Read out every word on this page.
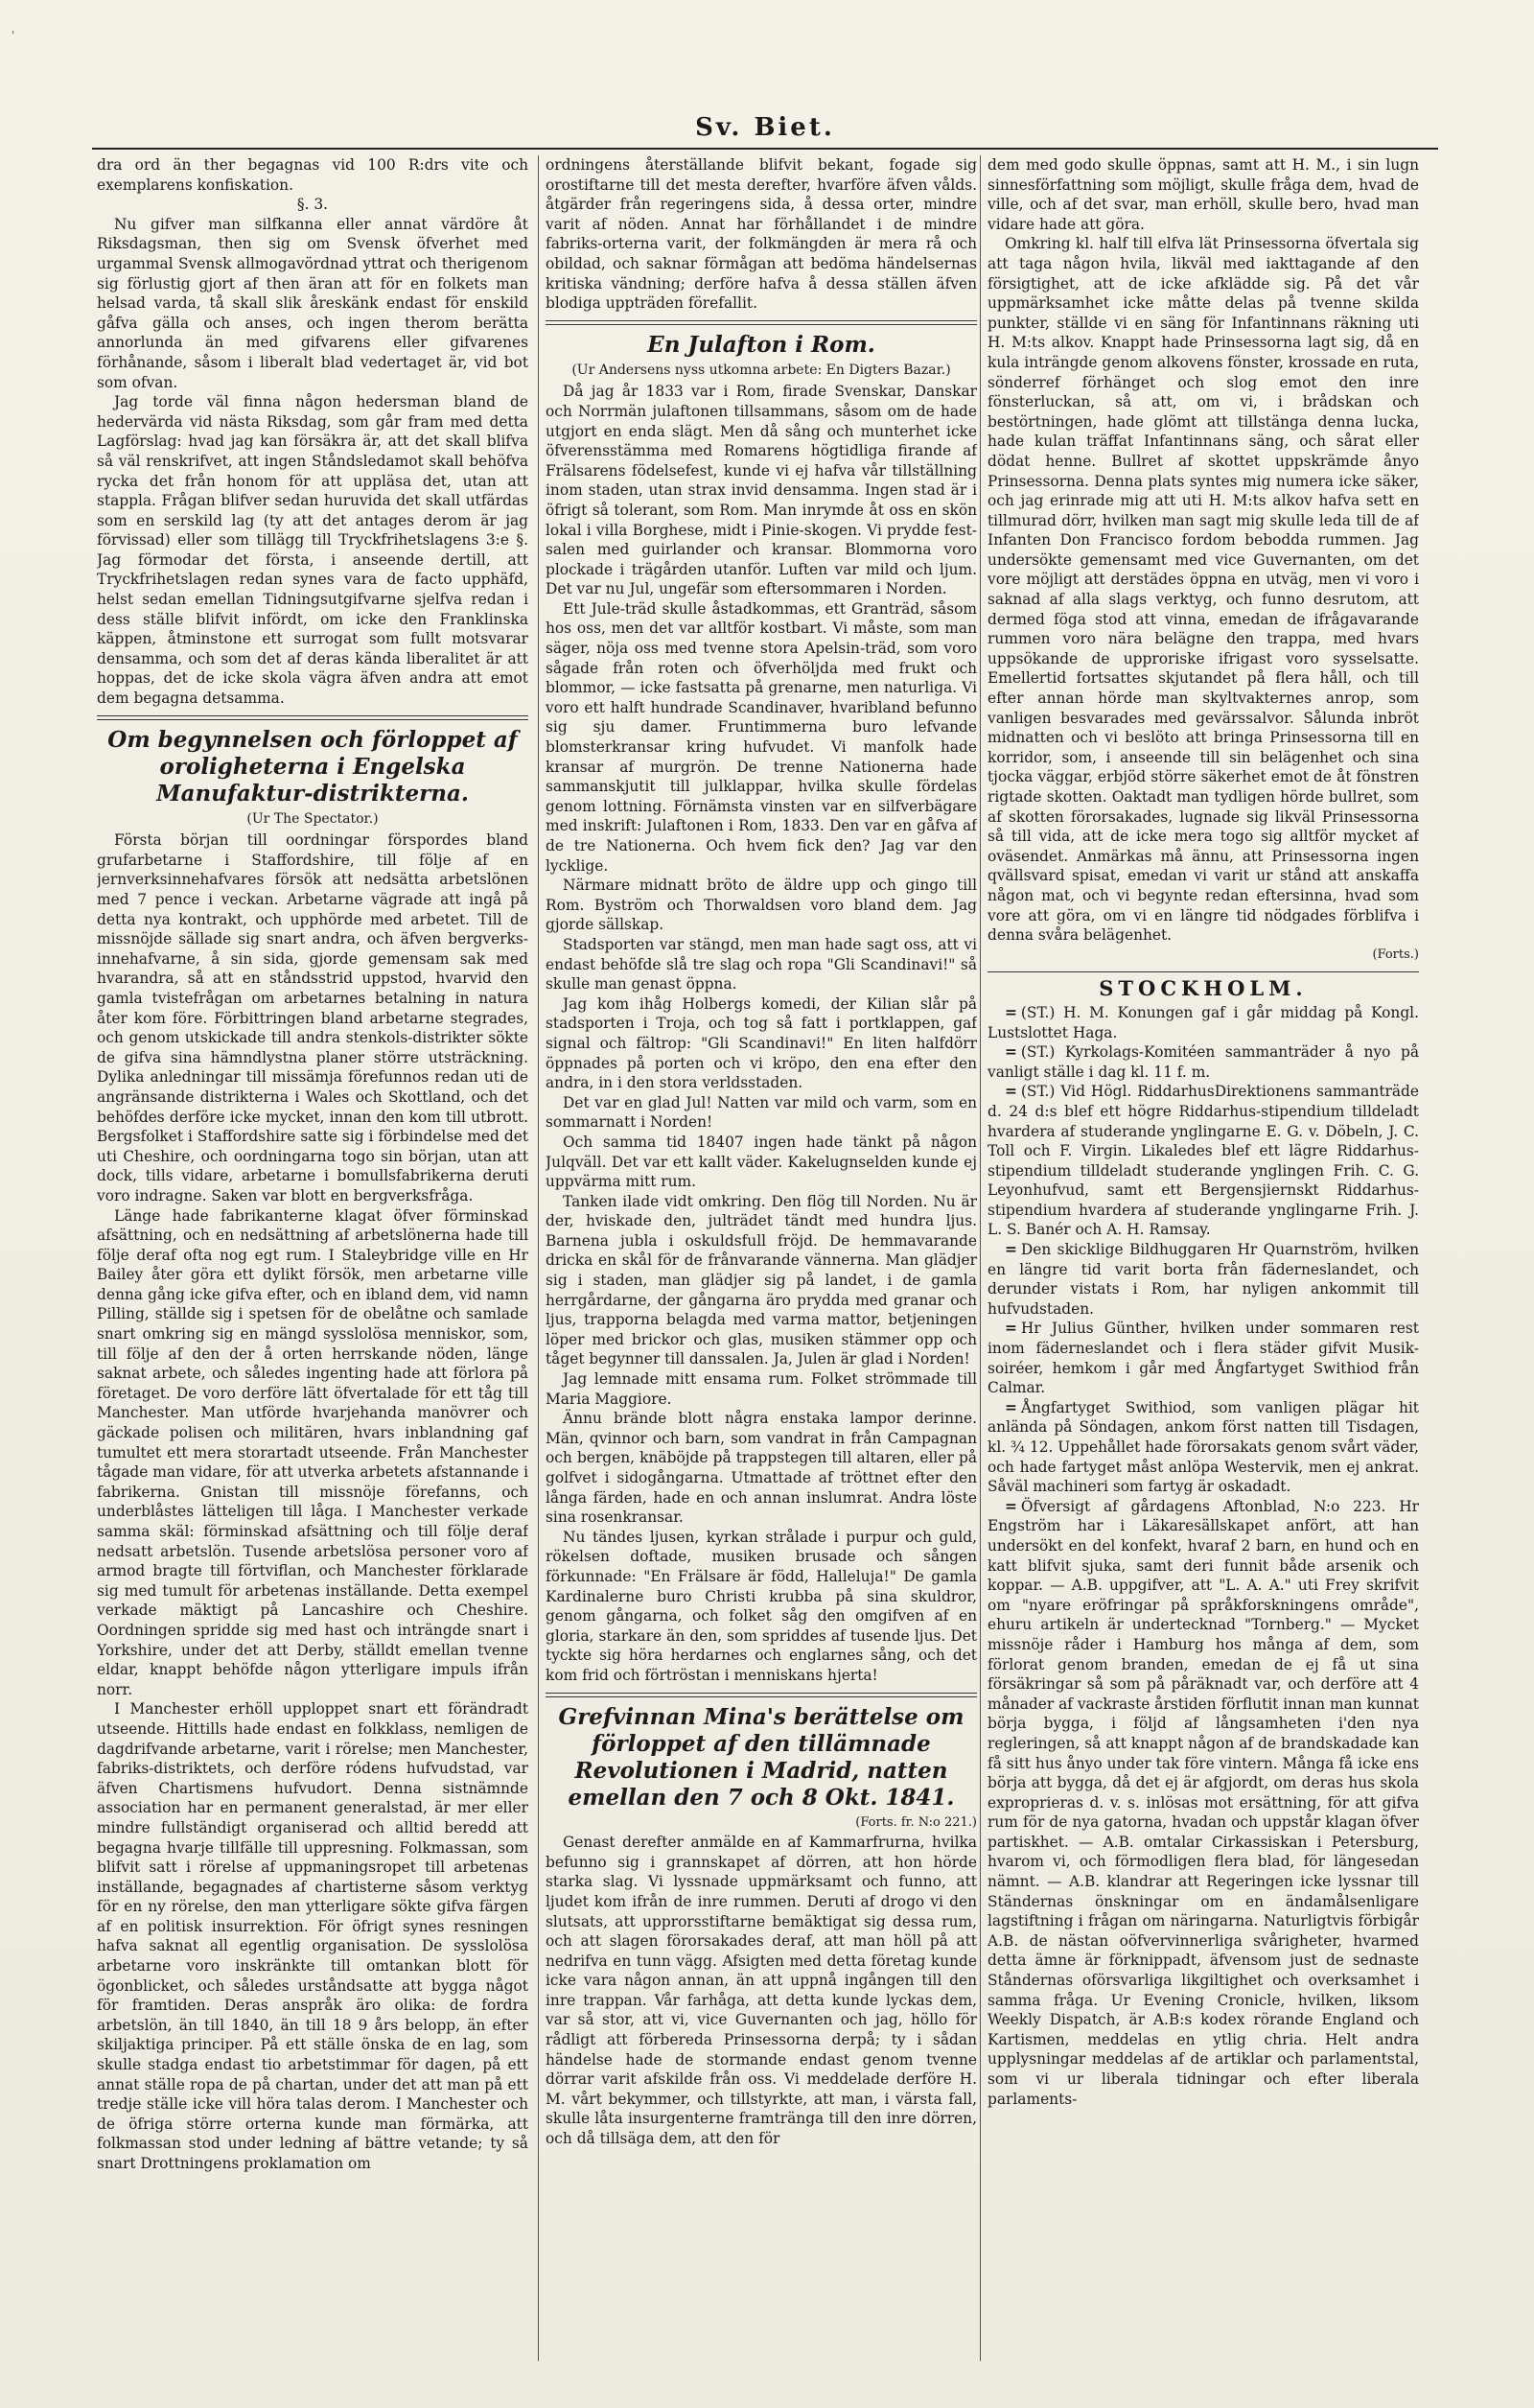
'
Sv. Biet.

dra ord än ther begagnas vid 100 R:drs vite och exemplarens konfiskation.

§. 3.

Nu gifver man silfkanna eller annat värdöre åt Riksdagsman, then sig om Svensk öfverhet med urgammal Svensk allmogavördnad yttrat och therigenom sig förlustig gjort af then äran att för en folkets man helsad varda, tå skall slik åreskänk endast för enskild gåfva gälla och anses, och ingen therom berätta annorlunda än med gifvarens eller gifvarenes förhånande, såsom i liberalt blad vedertaget är, vid bot som ofvan.

Jag torde väl finna någon hedersman bland de hedervärda vid nästa Riksdag, som går fram med detta Lagförslag: hvad jag kan försäkra är, att det skall blifva så väl renskrifvet, att ingen Ståndsledamot skall behöfva rycka det från honom för att uppläsa det, utan att stappla. Frågan blifver sedan huruvida det skall utfärdas som en serskild lag (ty att det antages derom är jag förvissad) eller som tillägg till Tryckfrihetslagens 3:e §. Jag förmodar det första, i anseende dertill, att Tryckfrihetslagen redan synes vara de facto upphäfd, helst sedan emellan Tidningsutgifvarne sjelfva redan i dess ställe blifvit infördt, om icke den Franklinska käppen, åtminstone ett surrogat som fullt motsvarar densamma, och som det af deras kända liberalitet är att hoppas, det de icke skola vägra äfven andra att emot dem begagna detsamma.

Om begynnelsen och förloppet af oroligheterna i Engelska Manufaktur-distrikterna.
(Ur The Spectator.)

Första början till oordningar förspordes bland grufarbetarne i Staffordshire, till följe af en jernverksinnehafvares försök att nedsätta arbetslönen med 7 pence i veckan. Arbetarne vägrade att ingå på detta nya kontrakt, och upphörde med arbetet. Till de missnöjde sällade sig snart andra, och äfven bergverks-innehafvarne, å sin sida, gjorde gemensam sak med hvarandra, så att en ståndsstrid uppstod, hvarvid den gamla tvistefrågan om arbetarnes betalning in natura åter kom före. Förbittringen bland arbetarne stegrades, och genom utskickade till andra stenkols-distrikter sökte de gifva sina hämndlystna planer större utsträckning. Dylika anledningar till missämja förefunnos redan uti de angränsande distrikterna i Wales och Skottland, och det behöfdes derföre icke mycket, innan den kom till utbrott. Bergsfolket i Staffordshire satte sig i förbindelse med det uti Cheshire, och oordningarna togo sin början, utan att dock, tills vidare, arbetarne i bomullsfabrikerna deruti voro indragne. Saken var blott en bergverksfråga.

Länge hade fabrikanterne klagat öfver förminskad afsättning, och en nedsättning af arbetslönerna hade till följe deraf ofta nog egt rum. I Staleybridge ville en Hr Bailey åter göra ett dylikt försök, men arbetarne ville denna gång icke gifva efter, och en ibland dem, vid namn Pilling, ställde sig i spetsen för de obelåtne och samlade snart omkring sig en mängd sysslolösa menniskor, som, till följe af den der å orten herrskande nöden, länge saknat arbete, och således ingenting hade att förlora på företaget. De voro derföre lätt öfvertalade för ett tåg till Manchester. Man utförde hvarjehanda manövrer och gäckade polisen och militären, hvars inblandning gaf tumultet ett mera storartadt utseende. Från Manchester tågade man vidare, för att utverka arbetets afstannande i fabrikerna. Gnistan till missnöje förefanns, och underblåstes lätteligen till låga. I Manchester verkade samma skäl: förminskad afsättning och till följe deraf nedsatt arbetslön. Tusende arbetslösa personer voro af armod bragte till förtviflan, och Manchester förklarade sig med tumult för arbetenas inställande. Detta exempel verkade mäktigt på Lancashire och Cheshire. Oordningen spridde sig med hast och inträngde snart i Yorkshire, under det att Derby, ställdt emellan tvenne eldar, knappt behöfde någon ytterligare impuls ifrån norr.

I Manchester erhöll upploppet snart ett förändradt utseende. Hittills hade endast en folkklass, nemligen de dagdrifvande arbetarne, varit i rörelse; men Manchester, fabriks-distriktets, och derföre ródens hufvudstad, var äfven Chartismens hufvudort. Denna sistnämnde association har en permanent generalstad, är mer eller mindre fullständigt organiserad och alltid beredd att begagna hvarje tillfälle till uppresning. Folkmassan, som blifvit satt i rörelse af uppmaningsropet till arbetenas inställande, begagnades af chartisterne såsom verktyg för en ny rörelse, den man ytterligare sökte gifva färgen af en politisk insurrektion. För öfrigt synes resningen hafva saknat all egentlig organisation. De sysslolösa arbetarne voro inskränkte till omtankan blott för ögonblicket, och således urståndsatte att bygga något för framtiden. Deras anspråk äro olika: de fordra arbetslön, än till 1840, än till 18 9 års belopp, än efter skiljaktiga principer. På ett ställe önska de en lag, som skulle stadga endast tio arbetstimmar för dagen, på ett annat ställe ropa de på chartan, under det att man på ett tredje ställe icke vill höra talas derom. I Manchester och de öfriga större orterna kunde man förmärka, att folkmassan stod under ledning af bättre vetande; ty så snart Drottningens proklamation om

ordningens återställande blifvit bekant, fogade sig orostiftarne till det mesta derefter, hvarföre äfven vålds. åtgärder från regeringens sida, å dessa orter, mindre varit af nöden. Annat har förhållandet i de mindre fabriks-orterna varit, der folkmängden är mera rå och obildad, och saknar förmågan att bedöma händelsernas kritiska vändning; derföre hafva å dessa ställen äfven blodiga uppträden förefallit.

En Julafton i Rom.
(Ur Andersens nyss utkomna arbete: En Digters Bazar.)

Då jag år 1833 var i Rom, firade Svenskar, Danskar och Norrmän julaftonen tillsammans, såsom om de hade utgjort en enda slägt. Men då sång och munterhet icke öfverensstämma med Romarens högtidliga firande af Frälsarens födelsefest, kunde vi ej hafva vår tillställning inom staden, utan strax invid densamma. Ingen stad är i öfrigt så tolerant, som Rom. Man inrymde åt oss en skön lokal i villa Borghese, midt i Pinie-skogen. Vi prydde fest-salen med guirlander och kransar. Blommorna voro plockade i trägården utanför. Luften var mild och ljum. Det var nu Jul, ungefär som eftersommaren i Norden.

Ett Jule-träd skulle åstadkommas, ett Granträd, såsom hos oss, men det var alltför kostbart. Vi måste, som man säger, nöja oss med tvenne stora Apelsin-träd, som voro sågade från roten och öfverhöljda med frukt och blommor, — icke fastsatta på grenarne, men naturliga. Vi voro ett halft hundrade Scandinaver, hvaribland befunno sig sju damer. Fruntimmerna buro lefvande blomsterkransar kring hufvudet. Vi manfolk hade kransar af murgrön. De trenne Nationerna hade sammanskjutit till julklappar, hvilka skulle fördelas genom lottning. Förnämsta vinsten var en silfverbägare med inskrift: Julaftonen i Rom, 1833. Den var en gåfva af de tre Nationerna. Och hvem fick den? Jag var den lycklige.

Närmare midnatt bröto de äldre upp och gingo till Rom. Byström och Thorwaldsen voro bland dem. Jag gjorde sällskap.

Stadsporten var stängd, men man hade sagt oss, att vi endast behöfde slå tre slag och ropa "Gli Scandinavi!" så skulle man genast öppna.

Jag kom ihåg Holbergs komedi, der Kilian slår på stadsporten i Troja, och tog så fatt i portklappen, gaf signal och fältrop: "Gli Scandinavi!" En liten halfdörr öppnades på porten och vi kröpo, den ena efter den andra, in i den stora verldsstaden.

Det var en glad Jul! Natten var mild och varm, som en sommarnatt i Norden!

Och samma tid 18407 ingen hade tänkt på någon Julqväll. Det var ett kallt väder. Kakelugnselden kunde ej uppvärma mitt rum.

Tanken ilade vidt omkring. Den flög till Norden. Nu är der, hviskade den, julträdet tändt med hundra ljus. Barnena jubla i oskuldsfull fröjd. De hemmavarande dricka en skål för de frånvarande vännerna. Man glädjer sig i staden, man glädjer sig på landet, i de gamla herrgårdarne, der gångarna äro prydda med granar och ljus, trapporna belagda med varma mattor, betjeningen löper med brickor och glas, musiken stämmer opp och tåget begynner till danssalen. Ja, Julen är glad i Norden!

Jag lemnade mitt ensama rum. Folket strömmade till Maria Maggiore.

Ännu brände blott några enstaka lampor derinne. Män, qvinnor och barn, som vandrat in från Campagnan och bergen, knäböjde på trappstegen till altaren, eller på golfvet i sidogångarna. Utmattade af tröttnet efter den långa färden, hade en och annan inslumrat. Andra löste sina rosenkransar.

Nu tändes ljusen, kyrkan strålade i purpur och guld, rökelsen doftade, musiken brusade och sången förkunnade: "En Frälsare är född, Halleluja!" De gamla Kardinalerne buro Christi krubba på sina skuldror, genom gångarna, och folket såg den omgifven af en gloria, starkare än den, som spriddes af tusende ljus. Det tyckte sig höra herdarnes och englarnes sång, och det kom frid och förtröstan i menniskans hjerta!

Grefvinnan Mina's berättelse om förloppet af den tillämnade Revolutionen i Madrid, natten emellan den 7 och 8 Okt. 1841.
(Forts. fr. N:o 221.)

Genast derefter anmälde en af Kammarfrurna, hvilka befunno sig i grannskapet af dörren, att hon hörde starka slag. Vi lyssnade uppmärksamt och funno, att ljudet kom ifrån de inre rummen. Deruti af drogo vi den slutsats, att upprorsstiftarne bemäktigat sig dessa rum, och att slagen förorsakades deraf, att man höll på att nedrifva en tunn vägg. Afsigten med detta företag kunde icke vara någon annan, än att uppnå ingången till den inre trappan. Vår farhåga, att detta kunde lyckas dem, var så stor, att vi, vice Guvernanten och jag, höllo för rådligt att förbereda Prinsessorna derpå; ty i sådan händelse hade de stormande endast genom tvenne dörrar varit afskilde från oss. Vi meddelade derföre H. M. vårt bekymmer, och tillstyrkte, att man, i värsta fall, skulle låta insurgenterne framtränga till den inre dörren, och då tillsäga dem, att den för

dem med godo skulle öppnas, samt att H. M., i sin lugn sinnesförfattning som möjligt, skulle fråga dem, hvad de ville, och af det svar, man erhöll, skulle bero, hvad man vidare hade att göra.

Omkring kl. half till elfva lät Prinsessorna öfvertala sig att taga någon hvila, likväl med iakttagande af den försigtighet, att de icke afklädde sig. På det vår uppmärksamhet icke måtte delas på tvenne skilda punkter, ställde vi en säng för Infantinnans räkning uti H. M:ts alkov. Knappt hade Prinsessorna lagt sig, då en kula inträngde genom alkovens fönster, krossade en ruta, sönderref förhänget och slog emot den inre fönsterluckan, så att, om vi, i brådskan och bestörtningen, hade glömt att tillstänga denna lucka, hade kulan träffat Infantinnans säng, och sårat eller dödat henne. Bullret af skottet uppskrämde ånyo Prinsessorna. Denna plats syntes mig numera icke säker, och jag erinrade mig att uti H. M:ts alkov hafva sett en tillmurad dörr, hvilken man sagt mig skulle leda till de af Infanten Don Francisco fordom bebodda rummen. Jag undersökte gemensamt med vice Guvernanten, om det vore möjligt att derstädes öppna en utväg, men vi voro i saknad af alla slags verktyg, och funno desrutom, att dermed föga stod att vinna, emedan de ifrågavarande rummen voro nära belägne den trappa, med hvars uppsökande de upproriske ifrigast voro sysselsatte. Emellertid fortsattes skjutandet på flera håll, och till efter annan hörde man skyltvakternes anrop, som vanligen besvarades med gevärssalvor. Sålunda inbröt midnatten och vi beslöto att bringa Prinsessorna till en korridor, som, i anseende till sin belägenhet och sina tjocka väggar, erbjöd större säkerhet emot de åt fönstren rigtade skotten. Oaktadt man tydligen hörde bullret, som af skotten förorsakades, lugnade sig likväl Prinsessorna så till vida, att de icke mera togo sig alltför mycket af oväsendet. Anmärkas må ännu, att Prinsessorna ingen qvällsvard spisat, emedan vi varit ur stånd att anskaffa någon mat, och vi begynte redan eftersinna, hvad som vore att göra, om vi en längre tid nödgades förblifva i denna svåra belägenhet.

(Forts.)
STOCKHOLM.

= (ST.) H. M. Konungen gaf i går middag på Kongl. Lustslottet Haga.

= (ST.) Kyrkolags-Komitéen sammanträder å nyo på vanligt ställe i dag kl. 11 f. m.

= (ST.) Vid Högl. RiddarhusDirektionens sammanträde d. 24 d:s blef ett högre Riddarhus-stipendium tilldeladt hvardera af studerande ynglingarne E. G. v. Döbeln, J. C. Toll och F. Virgin. Likaledes blef ett lägre Riddarhus-stipendium tilldeladt studerande ynglingen Frih. C. G. Leyonhufvud, samt ett Bergensjiernskt Riddarhus-stipendium hvardera af studerande ynglingarne Frih. J. L. S. Banér och A. H. Ramsay.

= Den skicklige Bildhuggaren Hr Quarnström, hvilken en längre tid varit borta från fäderneslandet, och derunder vistats i Rom, har nyligen ankommit till hufvudstaden.

= Hr Julius Günther, hvilken under sommaren rest inom fäderneslandet och i flera städer gifvit Musik-soiréer, hemkom i går med Ångfartyget Swithiod från Calmar.

= Ångfartyget Swithiod, som vanligen plägar hit anlända på Söndagen, ankom först natten till Tisdagen, kl. ¾ 12. Uppehållet hade förorsakats genom svårt väder, och hade fartyget måst anlöpa Westervik, men ej ankrat. Såväl machineri som fartyg är oskadadt.

= Öfversigt af gårdagens Aftonblad, N:o 223. Hr Engström har i Läkaresällskapet anfört, att han undersökt en del konfekt, hvaraf 2 barn, en hund och en katt blifvit sjuka, samt deri funnit både arsenik och koppar. — A.B. uppgifver, att "L. A. A." uti Frey skrifvit om "nyare eröfringar på språkforskningens område", ehuru artikeln är undertecknad "Tornberg." — Mycket missnöje råder i Hamburg hos många af dem, som förlorat genom branden, emedan de ej få ut sina försäkringar så som på påräknadt var, och derföre att 4 månader af vackraste årstiden förflutit innan man kunnat börja bygga, i följd af långsamheten i'den nya regleringen, så att knappt någon af de brandskadade kan få sitt hus ånyo under tak före vintern. Många få icke ens börja att bygga, då det ej är afgjordt, om deras hus skola exproprieras d. v. s. inlösas mot ersättning, för att gifva rum för de nya gatorna, hvadan och uppstår klagan öfver partiskhet. — A.B. omtalar Cirkassiskan i Petersburg, hvarom vi, och förmodligen flera blad, för längesedan nämnt. — A.B. klandrar att Regeringen icke lyssnar till Ständernas önskningar om en ändamålsenligare lagstiftning i frågan om näringarna. Naturligtvis förbigår A.B. de nästan oöfvervinnerliga svårigheter, hvarmed detta ämne är förknippadt, äfvensom just de sednaste Ståndernas oförsvarliga likgiltighet och overksamhet i samma fråga. Ur Evening Cronicle, hvilken, liksom Weekly Dispatch, är A.B:s kodex rörande England och Kartismen, meddelas en ytlig chria. Helt andra upplysningar meddelas af de artiklar och parlamentstal, som vi ur liberala tidningar och efter liberala parlaments-
